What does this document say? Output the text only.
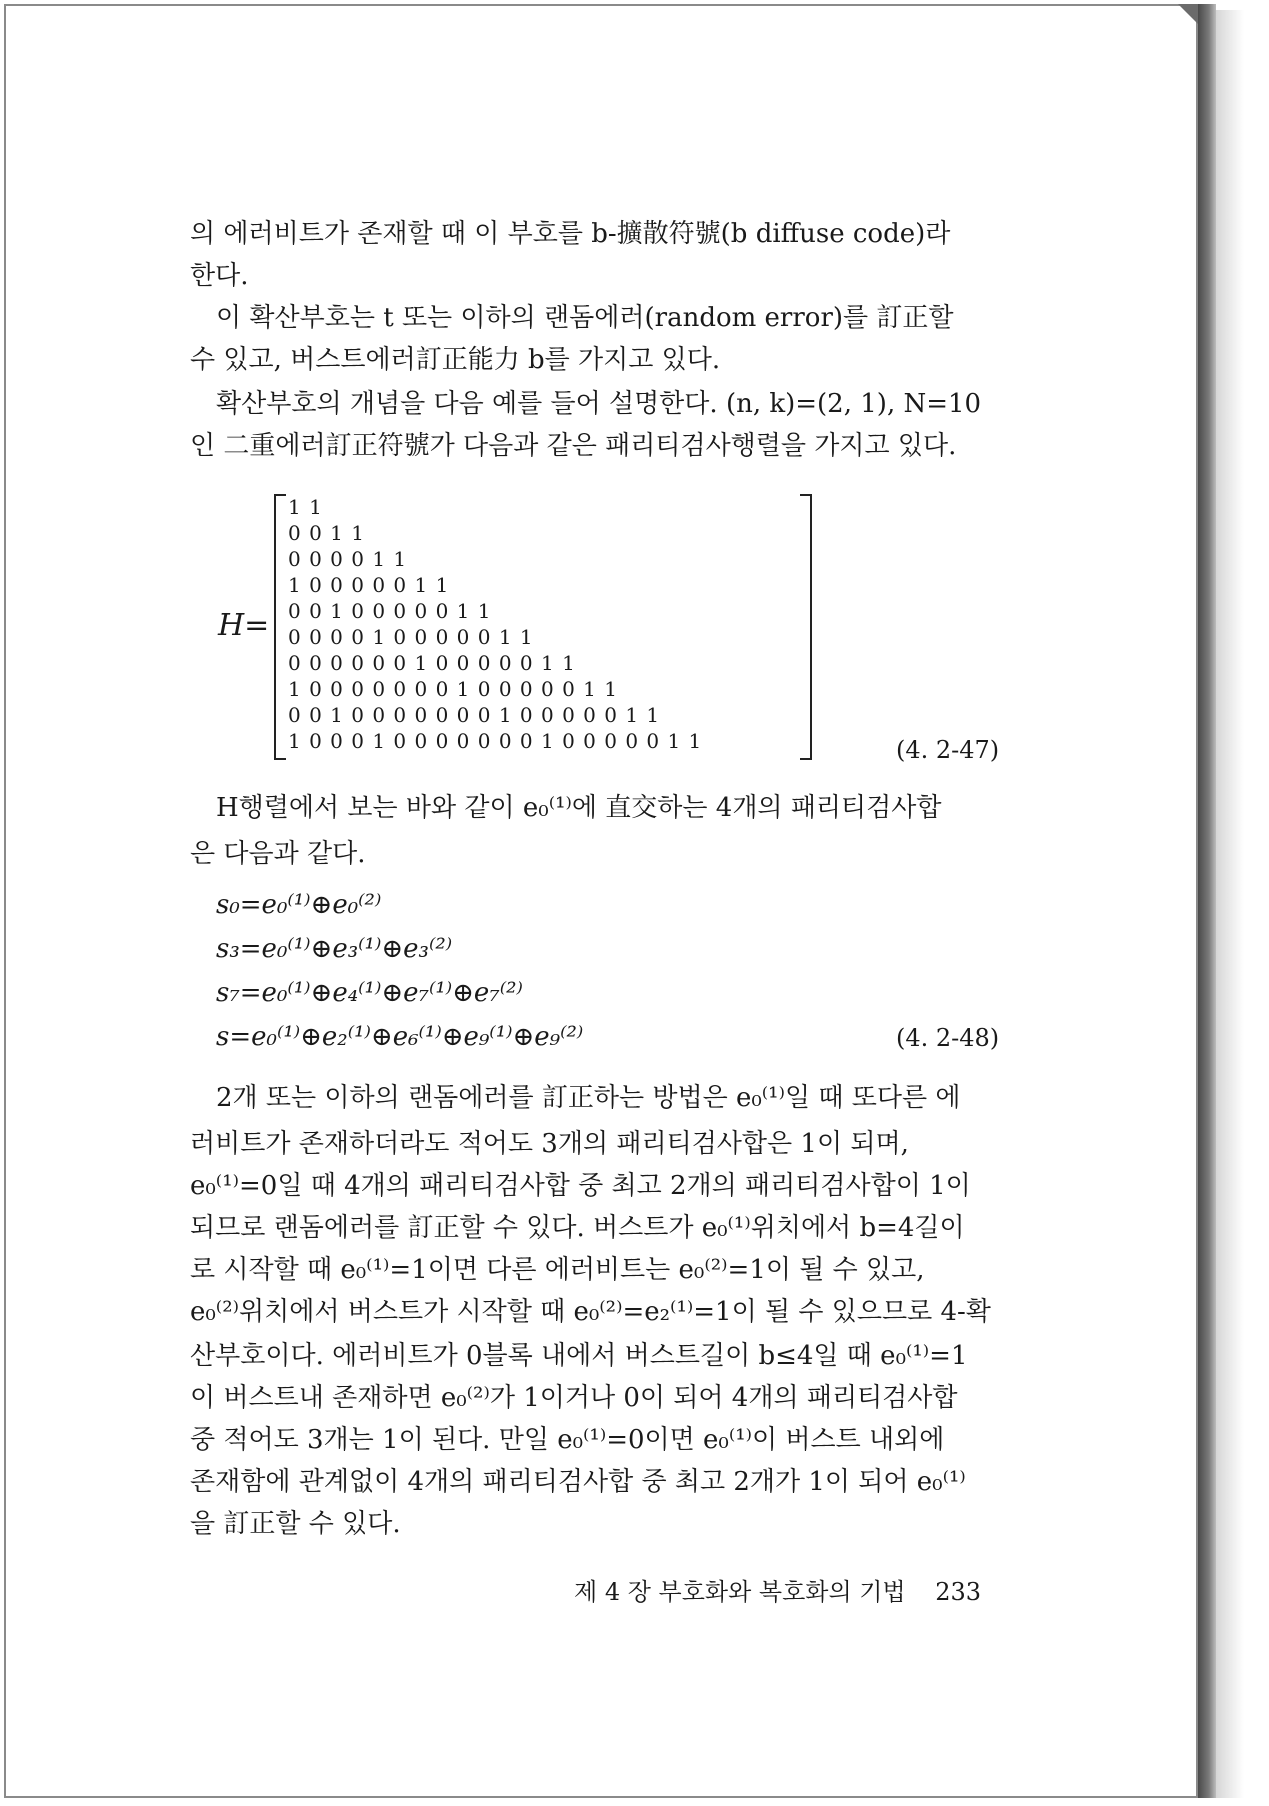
의 에러비트가 존재할 때 이 부호를 b-擴散符號(b diffuse code)라
한다.
이 확산부호는 t 또는 이하의 랜돔에러(random error)를 訂正할
수 있고, 버스트에러訂正能力 b를 가지고 있다.
확산부호의 개념을 다음 예를 들어 설명한다. (n, k)=(2, 1), N=10
인 二重에러訂正符號가 다음과 같은 패리티검사행렬을 가지고 있다.
H=
1 1
0 0 1 1
0 0 0 0 1 1
1 0 0 0 0 0 1 1
0 0 1 0 0 0 0 0 1 1
0 0 0 0 1 0 0 0 0 0 1 1
0 0 0 0 0 0 1 0 0 0 0 0 1 1
1 0 0 0 0 0 0 0 1 0 0 0 0 0 1 1
0 0 1 0 0 0 0 0 0 0 1 0 0 0 0 0 1 1
1 0 0 0 1 0 0 0 0 0 0 0 1 0 0 0 0 0 1 1	(4. 2-47)
H행렬에서 보는 바와 같이 e₀⁽¹⁾에 直交하는 4개의 패리티검사합
은 다음과 같다.
s₀=e₀⁽¹⁾⊕e₀⁽²⁾
s₃=e₀⁽¹⁾⊕e₃⁽¹⁾⊕e₃⁽²⁾
s₇=e₀⁽¹⁾⊕e₄⁽¹⁾⊕e₇⁽¹⁾⊕e₇⁽²⁾
s=e₀⁽¹⁾⊕e₂⁽¹⁾⊕e₆⁽¹⁾⊕e₉⁽¹⁾⊕e₉⁽²⁾	(4. 2-48)
2개 또는 이하의 랜돔에러를 訂正하는 방법은 e₀⁽¹⁾일 때 또다른 에
러비트가 존재하더라도 적어도 3개의 패리티검사합은 1이 되며,
e₀⁽¹⁾=0일 때 4개의 패리티검사합 중 최고 2개의 패리티검사합이 1이
되므로 랜돔에러를 訂正할 수 있다. 버스트가 e₀⁽¹⁾위치에서 b=4길이
로 시작할 때 e₀⁽¹⁾=1이면 다른 에러비트는 e₀⁽²⁾=1이 될 수 있고,
e₀⁽²⁾위치에서 버스트가 시작할 때 e₀⁽²⁾=e₂⁽¹⁾=1이 될 수 있으므로 4-확
산부호이다. 에러비트가 0블록 내에서 버스트길이 b≤4일 때 e₀⁽¹⁾=1
이 버스트내 존재하면 e₀⁽²⁾가 1이거나 0이 되어 4개의 패리티검사합
중 적어도 3개는 1이 된다. 만일 e₀⁽¹⁾=0이면 e₀⁽¹⁾이 버스트 내외에
존재함에 관계없이 4개의 패리티검사합 중 최고 2개가 1이 되어 e₀⁽¹⁾
을 訂正할 수 있다.
제 4 장 부호화와 복호화의 기법 233
